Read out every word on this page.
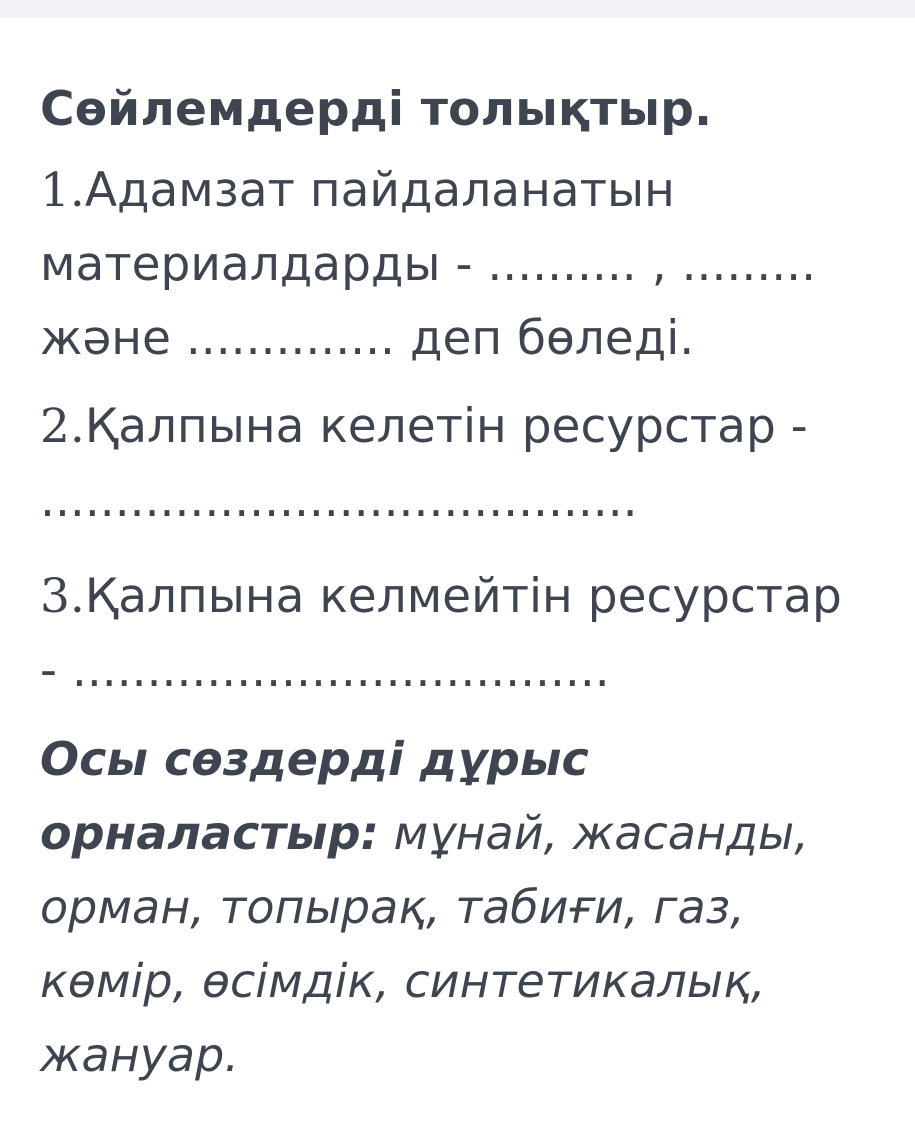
Сөйлемдерді толықтыр.

1.Адамзат пайдаланатын
материалдарды - .......... , .........
және .............. деп бөледі.

2.Қалпына келетін ресурстар -
........................................

3.Қалпына келмейтін ресурстар
- ....................................

Осы сөздерді дұрыс
орналастыр: мұнай, жасанды,
орман, топырақ, табиғи, газ,
көмір, өсімдік, синтетикалық,
жануар.
